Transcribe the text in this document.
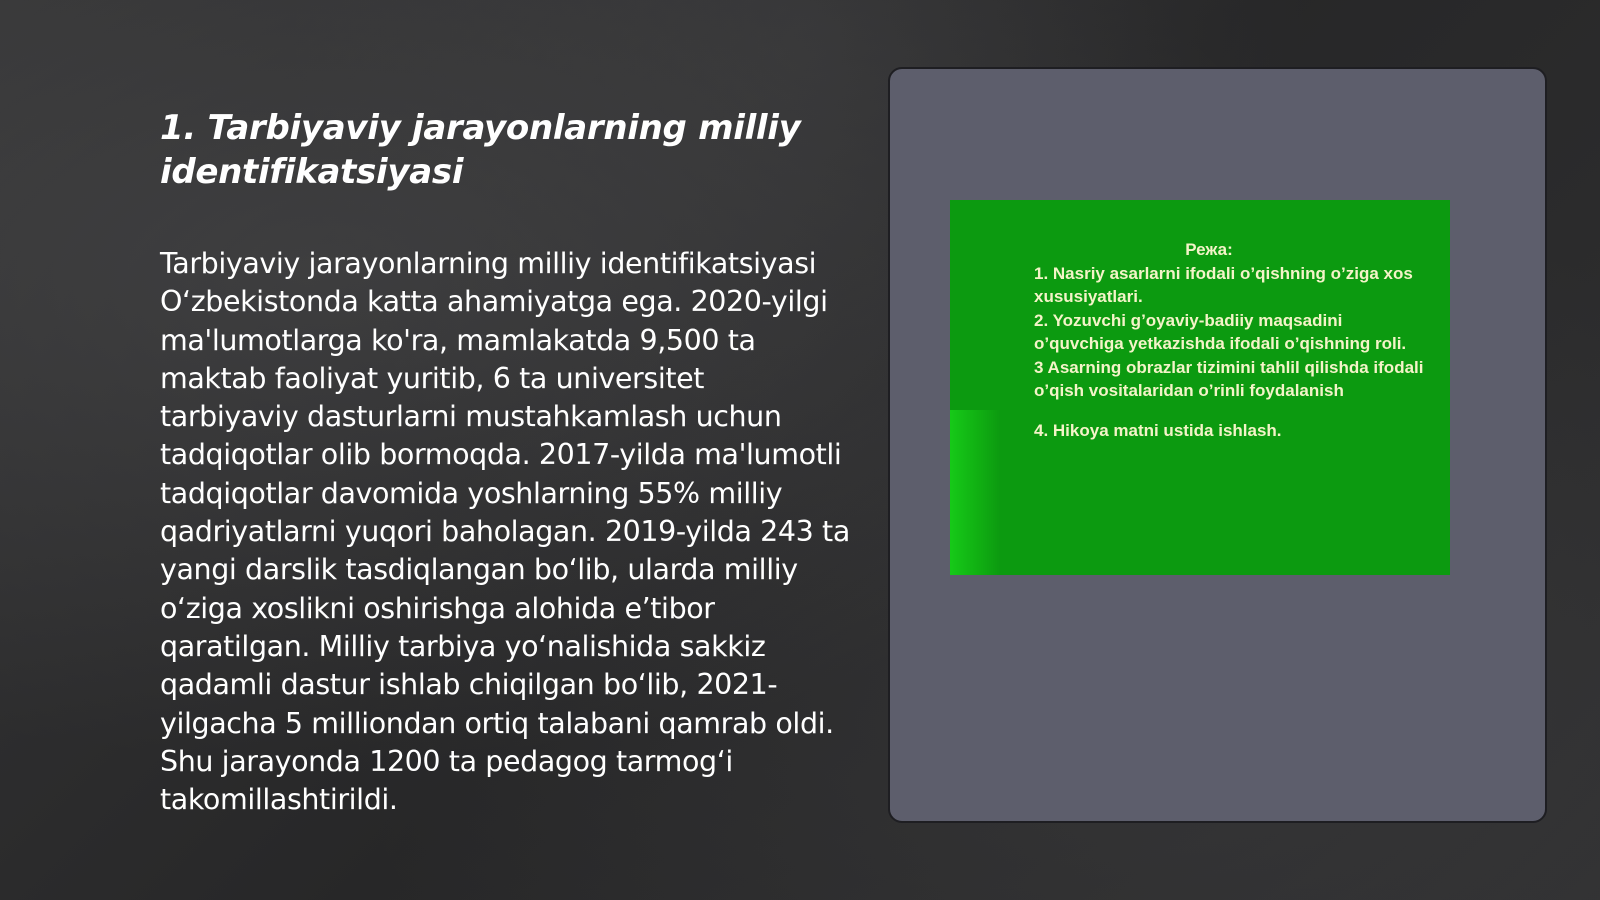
1. Tarbiyaviy jarayonlarning milliy identifikatsiyasi

Tarbiyaviy jarayonlarning milliy identifikatsiyasi Oʻzbekistonda katta ahamiyatga ega. 2020-yilgi ma'lumotlarga ko'ra, mamlakatda 9,500 ta maktab faoliyat yuritib, 6 ta universitet tarbiyaviy dasturlarni mustahkamlash uchun tadqiqotlar olib bormoqda. 2017-yilda ma'lumotli tadqiqotlar davomida yoshlarning 55% milliy qadriyatlarni yuqori baholagan. 2019-yilda 243 ta yangi darslik tasdiqlangan boʻlib, ularda milliy oʻziga xoslikni oshirishga alohida e’tibor qaratilgan. Milliy tarbiya yoʻnalishida sakkiz qadamli dastur ishlab chiqilgan boʻlib, 2021-yilgacha 5 milliondan ortiq talabani qamrab oldi. Shu jarayonda 1200 ta pedagog tarmogʻi takomillashtirildi.

Режа:
1. Nasriy asarlarni ifodali o’qishning o’ziga xos xususiyatlari.
2. Yozuvchi g’oyaviy-badiiy maqsadini o’quvchiga yetkazishda ifodali o’qishning roli.
3 Asarning obrazlar tizimini tahlil qilishda ifodali o’qish vositalaridan o’rinli foydalanish
4. Hikoya matni ustida ishlash.
